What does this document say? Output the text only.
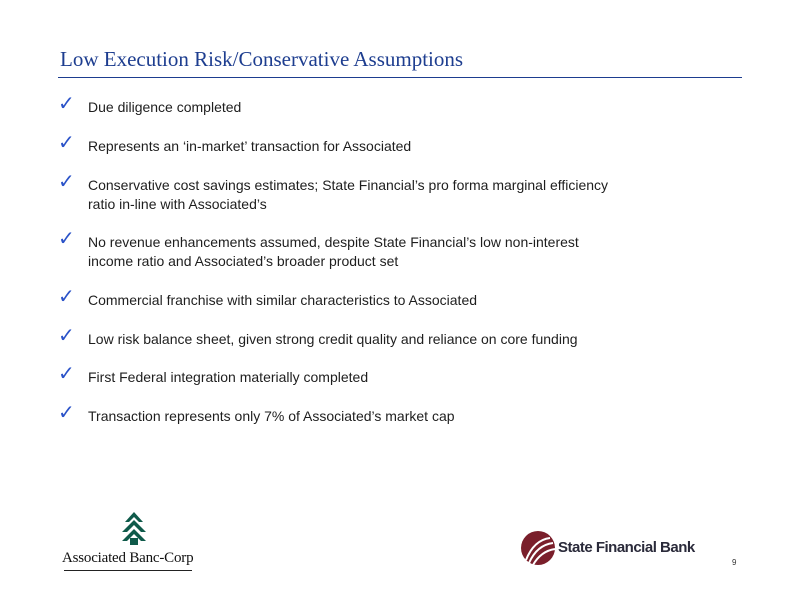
Low Execution Risk/Conservative Assumptions
✓ Due diligence completed
✓ Represents an ‘in-market’ transaction for Associated
✓ Conservative cost savings estimates; State Financial’s pro forma marginal efficiency
ratio in-line with Associated’s
✓ No revenue enhancements assumed, despite State Financial’s low non-interest
income ratio and Associated’s broader product set
✓ Commercial franchise with similar characteristics to Associated
✓ Low risk balance sheet, given strong credit quality and reliance on core funding
✓ First Federal integration materially completed
✓ Transaction represents only 7% of Associated’s market cap
Associated Banc-Corp
State Financial Bank
9
